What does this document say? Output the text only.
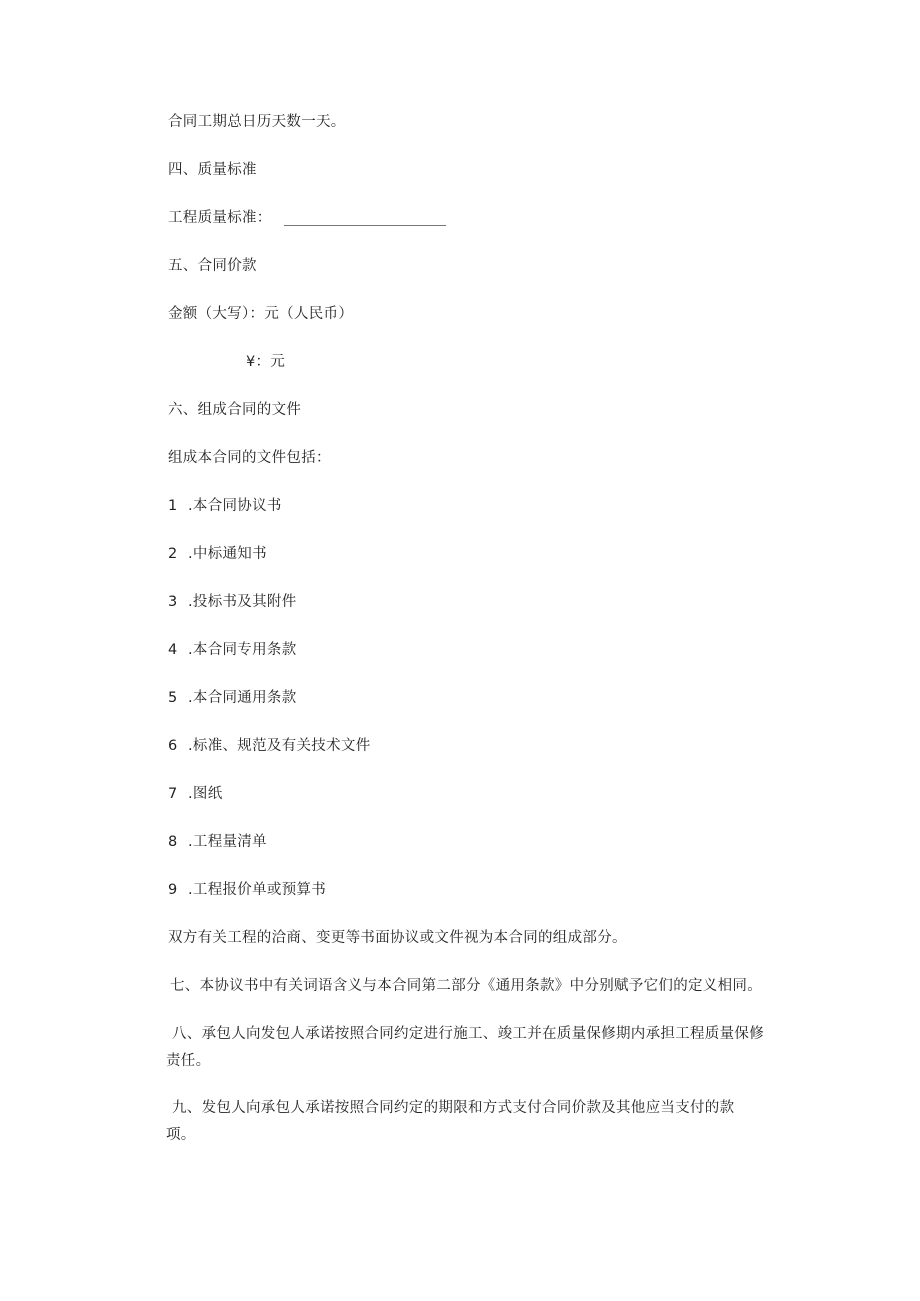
合同工期总日历天数一天。
四、质量标准
工程质量标准：
五、合同价款
金额（大写）：元（人民币）
¥：元
六、组成合同的文件
组成本合同的文件包括：
1 .本合同协议书
2 .中标通知书
3 .投标书及其附件
4 .本合同专用条款
5 .本合同通用条款
6 .标准、规范及有关技术文件
7 .图纸
8 .工程量清单
9 .工程报价单或预算书
双方有关工程的洽商、变更等书面协议或文件视为本合同的组成部分。
七、本协议书中有关词语含义与本合同第二部分《通用条款》中分别赋予它们的定义相同。
八、承包人向发包人承诺按照合同约定进行施工、竣工并在质量保修期内承担工程质量保修
责任。
九、发包人向承包人承诺按照合同约定的期限和方式支付合同价款及其他应当支付的款
项。
